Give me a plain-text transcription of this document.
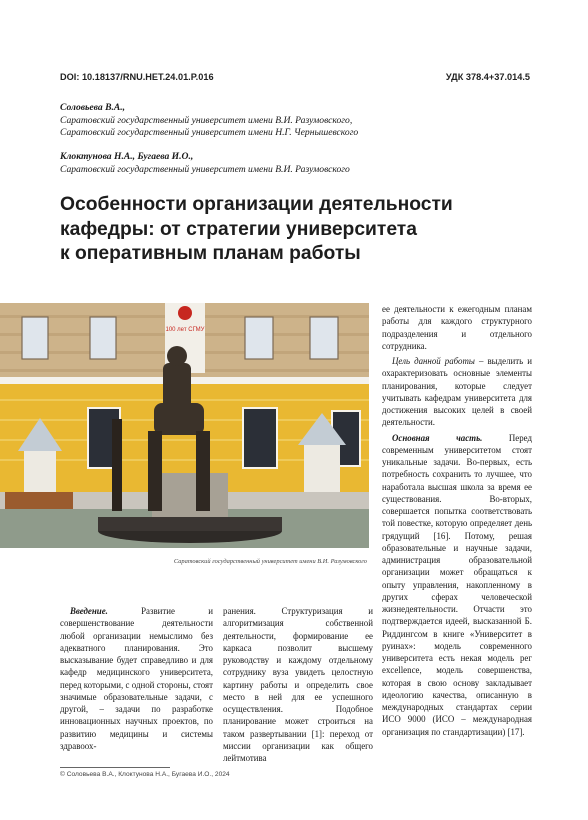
DOI: 10.18137/RNU.HET.24.01.P.016	УДК 378.4+37.014.5
Соловьева В.А.,
Саратовский государственный университет имени В.И. Разумовского,
Саратовский государственный университет имени Н.Г. Чернышевского
Клоктунова Н.А., Бугаева И.О.,
Саратовский государственный университет имени В.И. Разумовского
Особенности организации деятельности
кафедры: от стратегии университета
к оперативным планам работы
100 лет СГМУ
Саратовский государственный университет имени В.И. Разумовского

ее деятельности к ежегодным планам работы для каждого структурного подразделения и отдельного сотрудника.

Цель данной работы – выделить и охарактеризовать основные элементы планирования, которые следует учитывать кафедрам университета для достижения высоких целей в своей деятельности.

Основная часть. Перед современным университетом стоят уникальные задачи. Во-первых, есть потребность сохранить то лучшее, что наработала высшая школа за время ее существования. Во-вторых, совершается попытка соответствовать той повестке, которую определяет день грядущий [16]. Потому, решая образовательные и научные задачи, администрация образовательной организации может обращаться к опыту управления, накопленному в других сферах человеческой жизнедеятельности. Отчасти это подтверждается идеей, высказанной Б. Риддингсом в книге «Университет в руинах»: модель современного университета есть некая модель рег excellence, модель совершенства, которая в свою основу закладывает идеологию качества, описанную в международных стандартах серии ИСО 9000 (ИСО – международная организация по стандартизации) [17].

Введение. Развитие и совершенствование деятельности любой организации немыслимо без адекватного планирования. Это высказывание будет справедливо и для кафедр медицинского университета, перед которыми, с одной стороны, стоят значимые образовательные задачи, с другой, – задачи по разработке инновационных научных проектов, по развитию медицины и системы здравоох-

ранения. Структуризация и алгоритмизация собственной деятельности, формирование ее каркаса позволит высшему руководству и каждому отдельному сотруднику вуза увидеть целостную картину работы и определить свое место в ней для ее успешного осуществления. Подобное планирование может строиться на таком развертывании [1]: переход от миссии организации как общего лейтмотива

© Соловьева В.А., Клоктунова Н.А., Бугаева И.О., 2024
